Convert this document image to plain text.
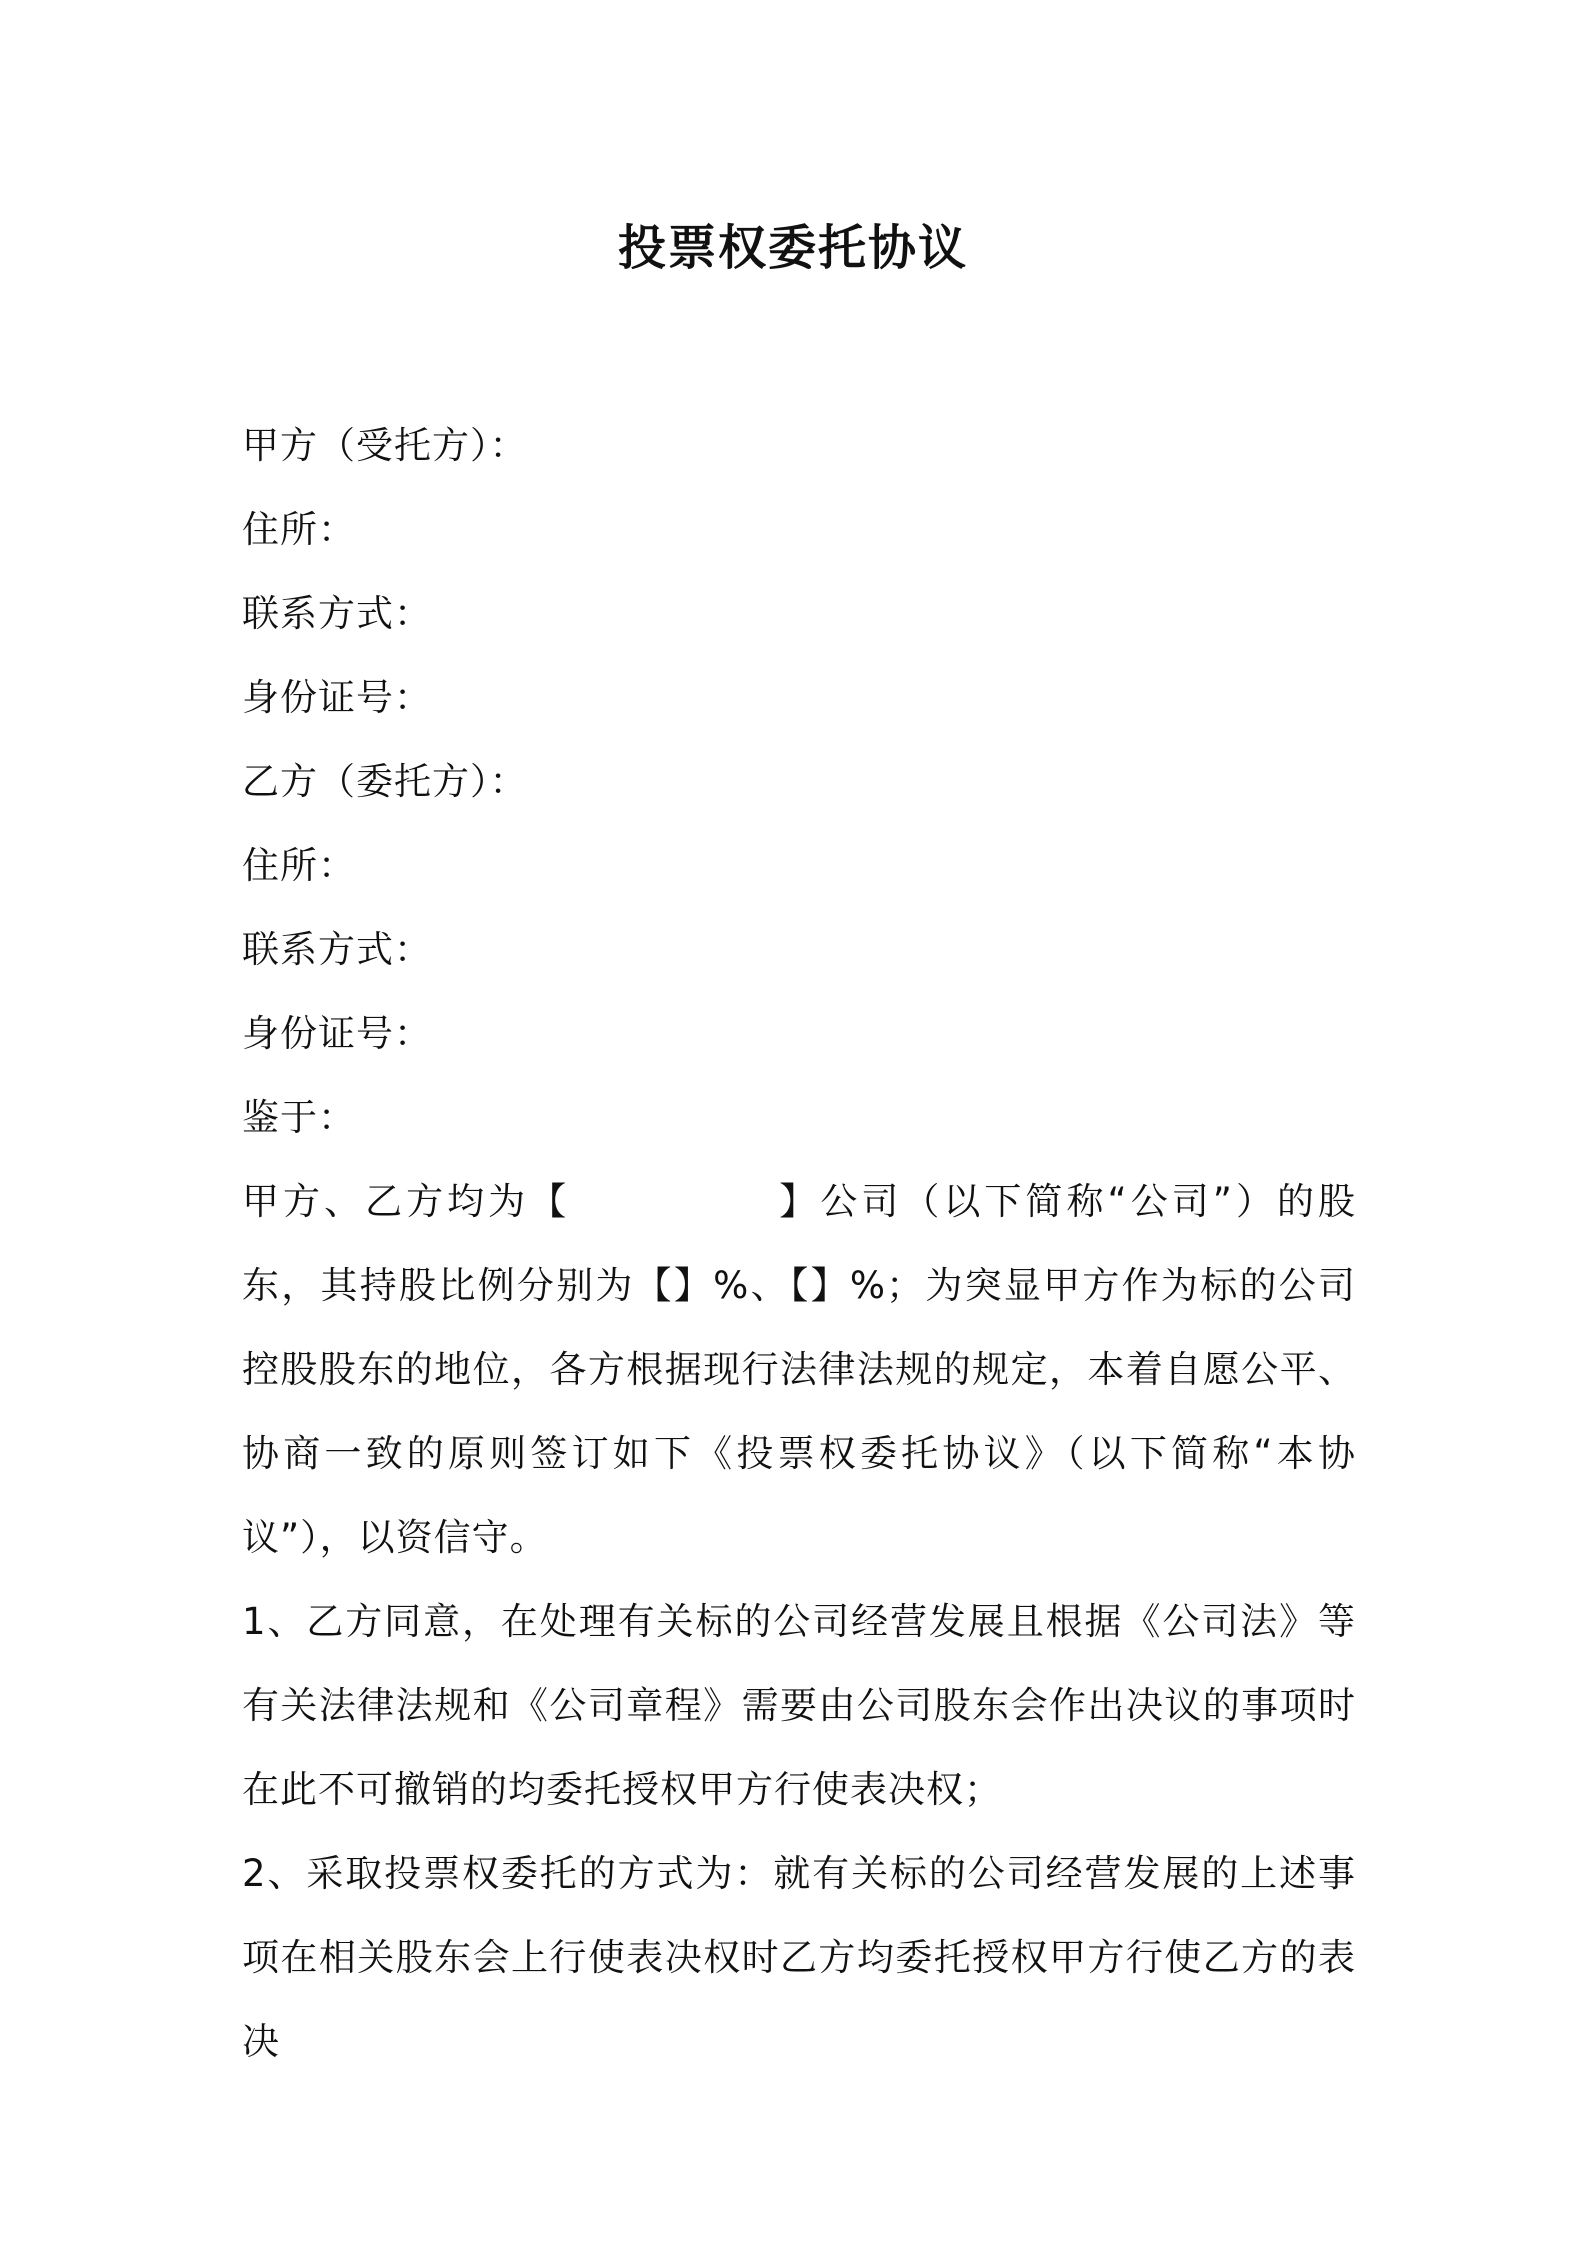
投票权委托协议

甲方（受托方）：

住所：

联系方式：

身份证号：

乙方（委托方）：

住所：

联系方式：

身份证号：

鉴于：

甲方、乙方均为【	】公司（以下简称“公司”）的股东，其持股比例分别为【】%、【】%；为突显甲方作为标的公司控股股东的地位，各方根据现行法律法规的规定，本着自愿公平、协商一致的原则签订如下《投票权委托协议》（以下简称“本协议”），以资信守。

1、乙方同意，在处理有关标的公司经营发展且根据《公司法》等有关法律法规和《公司章程》需要由公司股东会作出决议的事项时在此不可撤销的均委托授权甲方行使表决权；

2、采取投票权委托的方式为：就有关标的公司经营发展的上述事项在相关股东会上行使表决权时乙方均委托授权甲方行使乙方的表决
